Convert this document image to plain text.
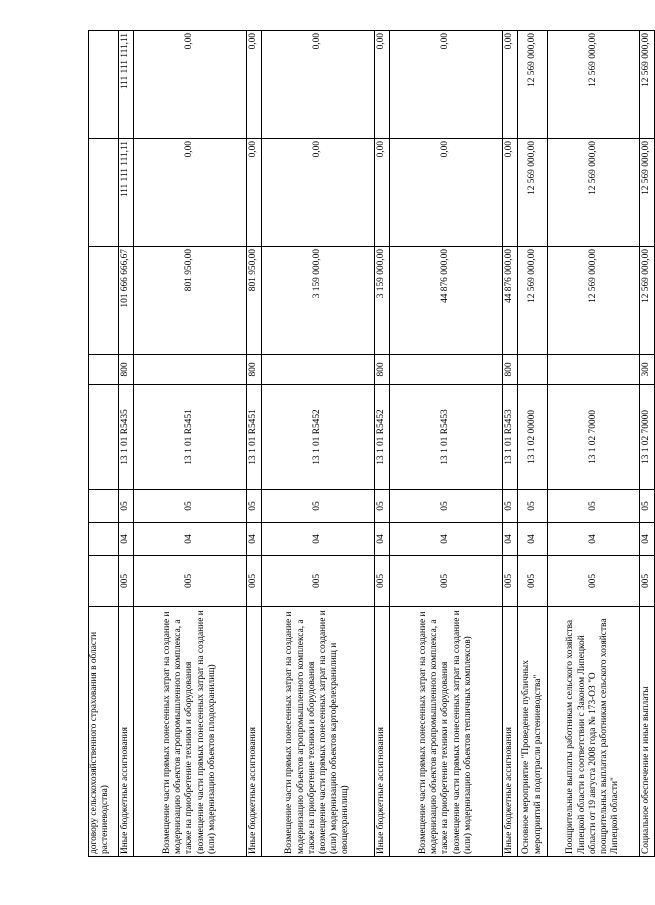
договору сельскохозяйственного страхования в области растениеводства)								
Иные бюджетные ассигнования	005	04	05	13 1 01 R5435	800	101 666 666,67	111 111 111,11	111 111 111,11
Возмещение части прямых понесенных затрат на создание и модернизацию объектов агропромышленного комплекса, а также на приобретение техники и оборудования (возмещение части прямых понесенных затрат на создание и (или) модернизацию объектов плодохранилищ)	005	04	05	13 1 01 R5451		801 950,00	0,00	0,00
Иные бюджетные ассигнования	005	04	05	13 1 01 R5451	800	801 950,00	0,00	0,00
Возмещение части прямых понесенных затрат на создание и модернизацию объектов агропромышленного комплекса, а также на приобретение техники и оборудования (возмещение части прямых понесенных затрат на создание и (или) модернизацию объектов картофелехранилищ и овощехранилищ)	005	04	05	13 1 01 R5452		3 159 000,00	0,00	0,00
Иные бюджетные ассигнования	005	04	05	13 1 01 R5452	800	3 159 000,00	0,00	0,00
Возмещение части прямых понесенных затрат на создание и модернизацию объектов агропромышленного комплекса, а также на приобретение техники и оборудования (возмещение части прямых понесенных затрат на создание и (или) модернизацию объектов тепличных комплексов)	005	04	05	13 1 01 R5453		44 876 000,00	0,00	0,00
Иные бюджетные ассигнования	005	04	05	13 1 01 R5453	800	44 876 000,00	0,00	0,00
Основное мероприятие "Проведение публичных мероприятий в подотрасли растениеводства"	005	04	05	13 1 02 00000		12 569 000,00	12 569 000,00	12 569 000,00
Поощрительные выплаты работникам сельского хозяйства Липецкой области в соответствии с Законом Липецкой области от 19 августа 2008 года № 173-ОЗ "О поощрительных выплатах работникам сельского хозяйства Липецкой области"	005	04	05	13 1 02 70000		12 569 000,00	12 569 000,00	12 569 000,00
Социальное обеспечение и иные выплаты	005	04	05	13 1 02 70000	300	12 569 000,00	12 569 000,00	12 569 000,00
